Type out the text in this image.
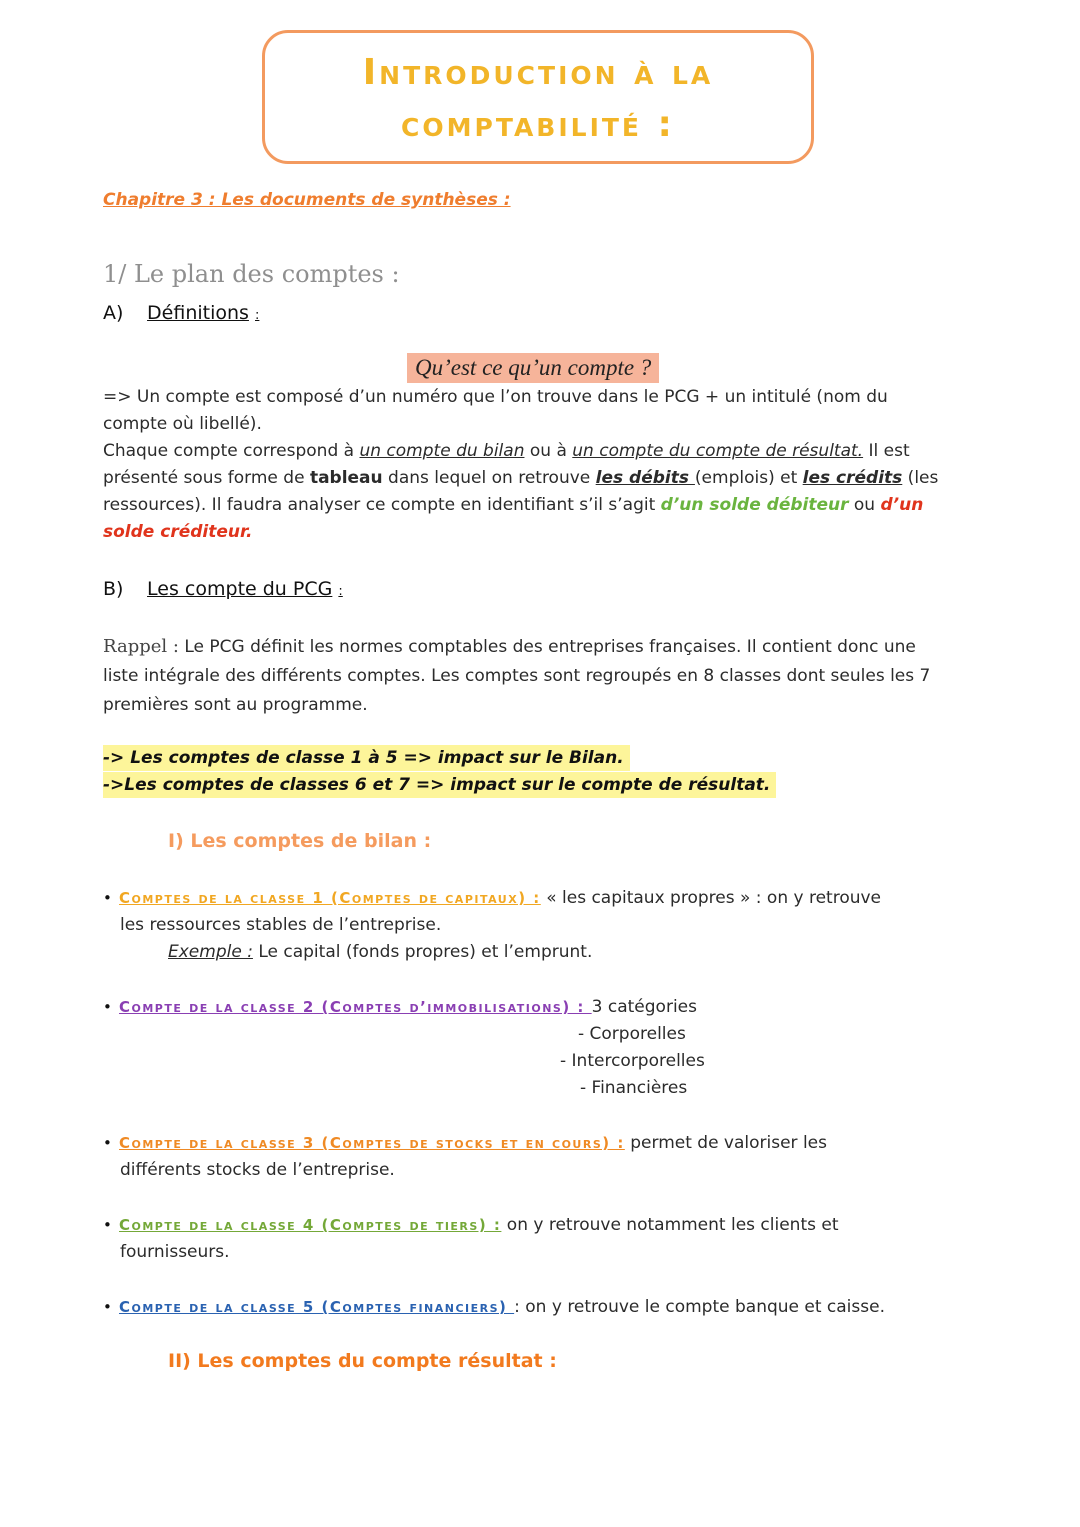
Introduction à la
comptabilité :
Chapitre 3 : Les documents de synthèses :
1/ Le plan des comptes :
A) Définitions :
Qu’est ce qu’un compte ?
=> Un compte est composé d’un numéro que l’on trouve dans le PCG + un intitulé (nom du
compte où libellé).
Chaque compte correspond à un compte du bilan ou à un compte du compte de résultat. Il est
présenté sous forme de tableau dans lequel on retrouve les débits (emplois) et les crédits (les
ressources). Il faudra analyser ce compte en identifiant s’il s’agit d’un solde débiteur ou d’un
solde créditeur.
B) Les compte du PCG :
Rappel : Le PCG définit les normes comptables des entreprises françaises. Il contient donc une
liste intégrale des différents comptes. Les comptes sont regroupés en 8 classes dont seules les 7
premières sont au programme.
-> Les comptes de classe 1 à 5 => impact sur le Bilan.
->Les comptes de classes 6 et 7 => impact sur le compte de résultat.
I) Les comptes de bilan :
• Comptes de la classe 1 (Comptes de capitaux) : « les capitaux propres » : on y retrouve
les ressources stables de l’entreprise.
Exemple : Le capital (fonds propres) et l’emprunt.
• Compte de la classe 2 (Comptes d’immobilisations) : 3 catégories
- Corporelles
- Intercorporelles
- Financières
• Compte de la classe 3 (Comptes de stocks et en cours) : permet de valoriser les
différents stocks de l’entreprise.
• Compte de la classe 4 (Comptes de tiers) : on y retrouve notamment les clients et
fournisseurs.
• Compte de la classe 5 (Comptes financiers) : on y retrouve le compte banque et caisse.
II) Les comptes du compte résultat :
